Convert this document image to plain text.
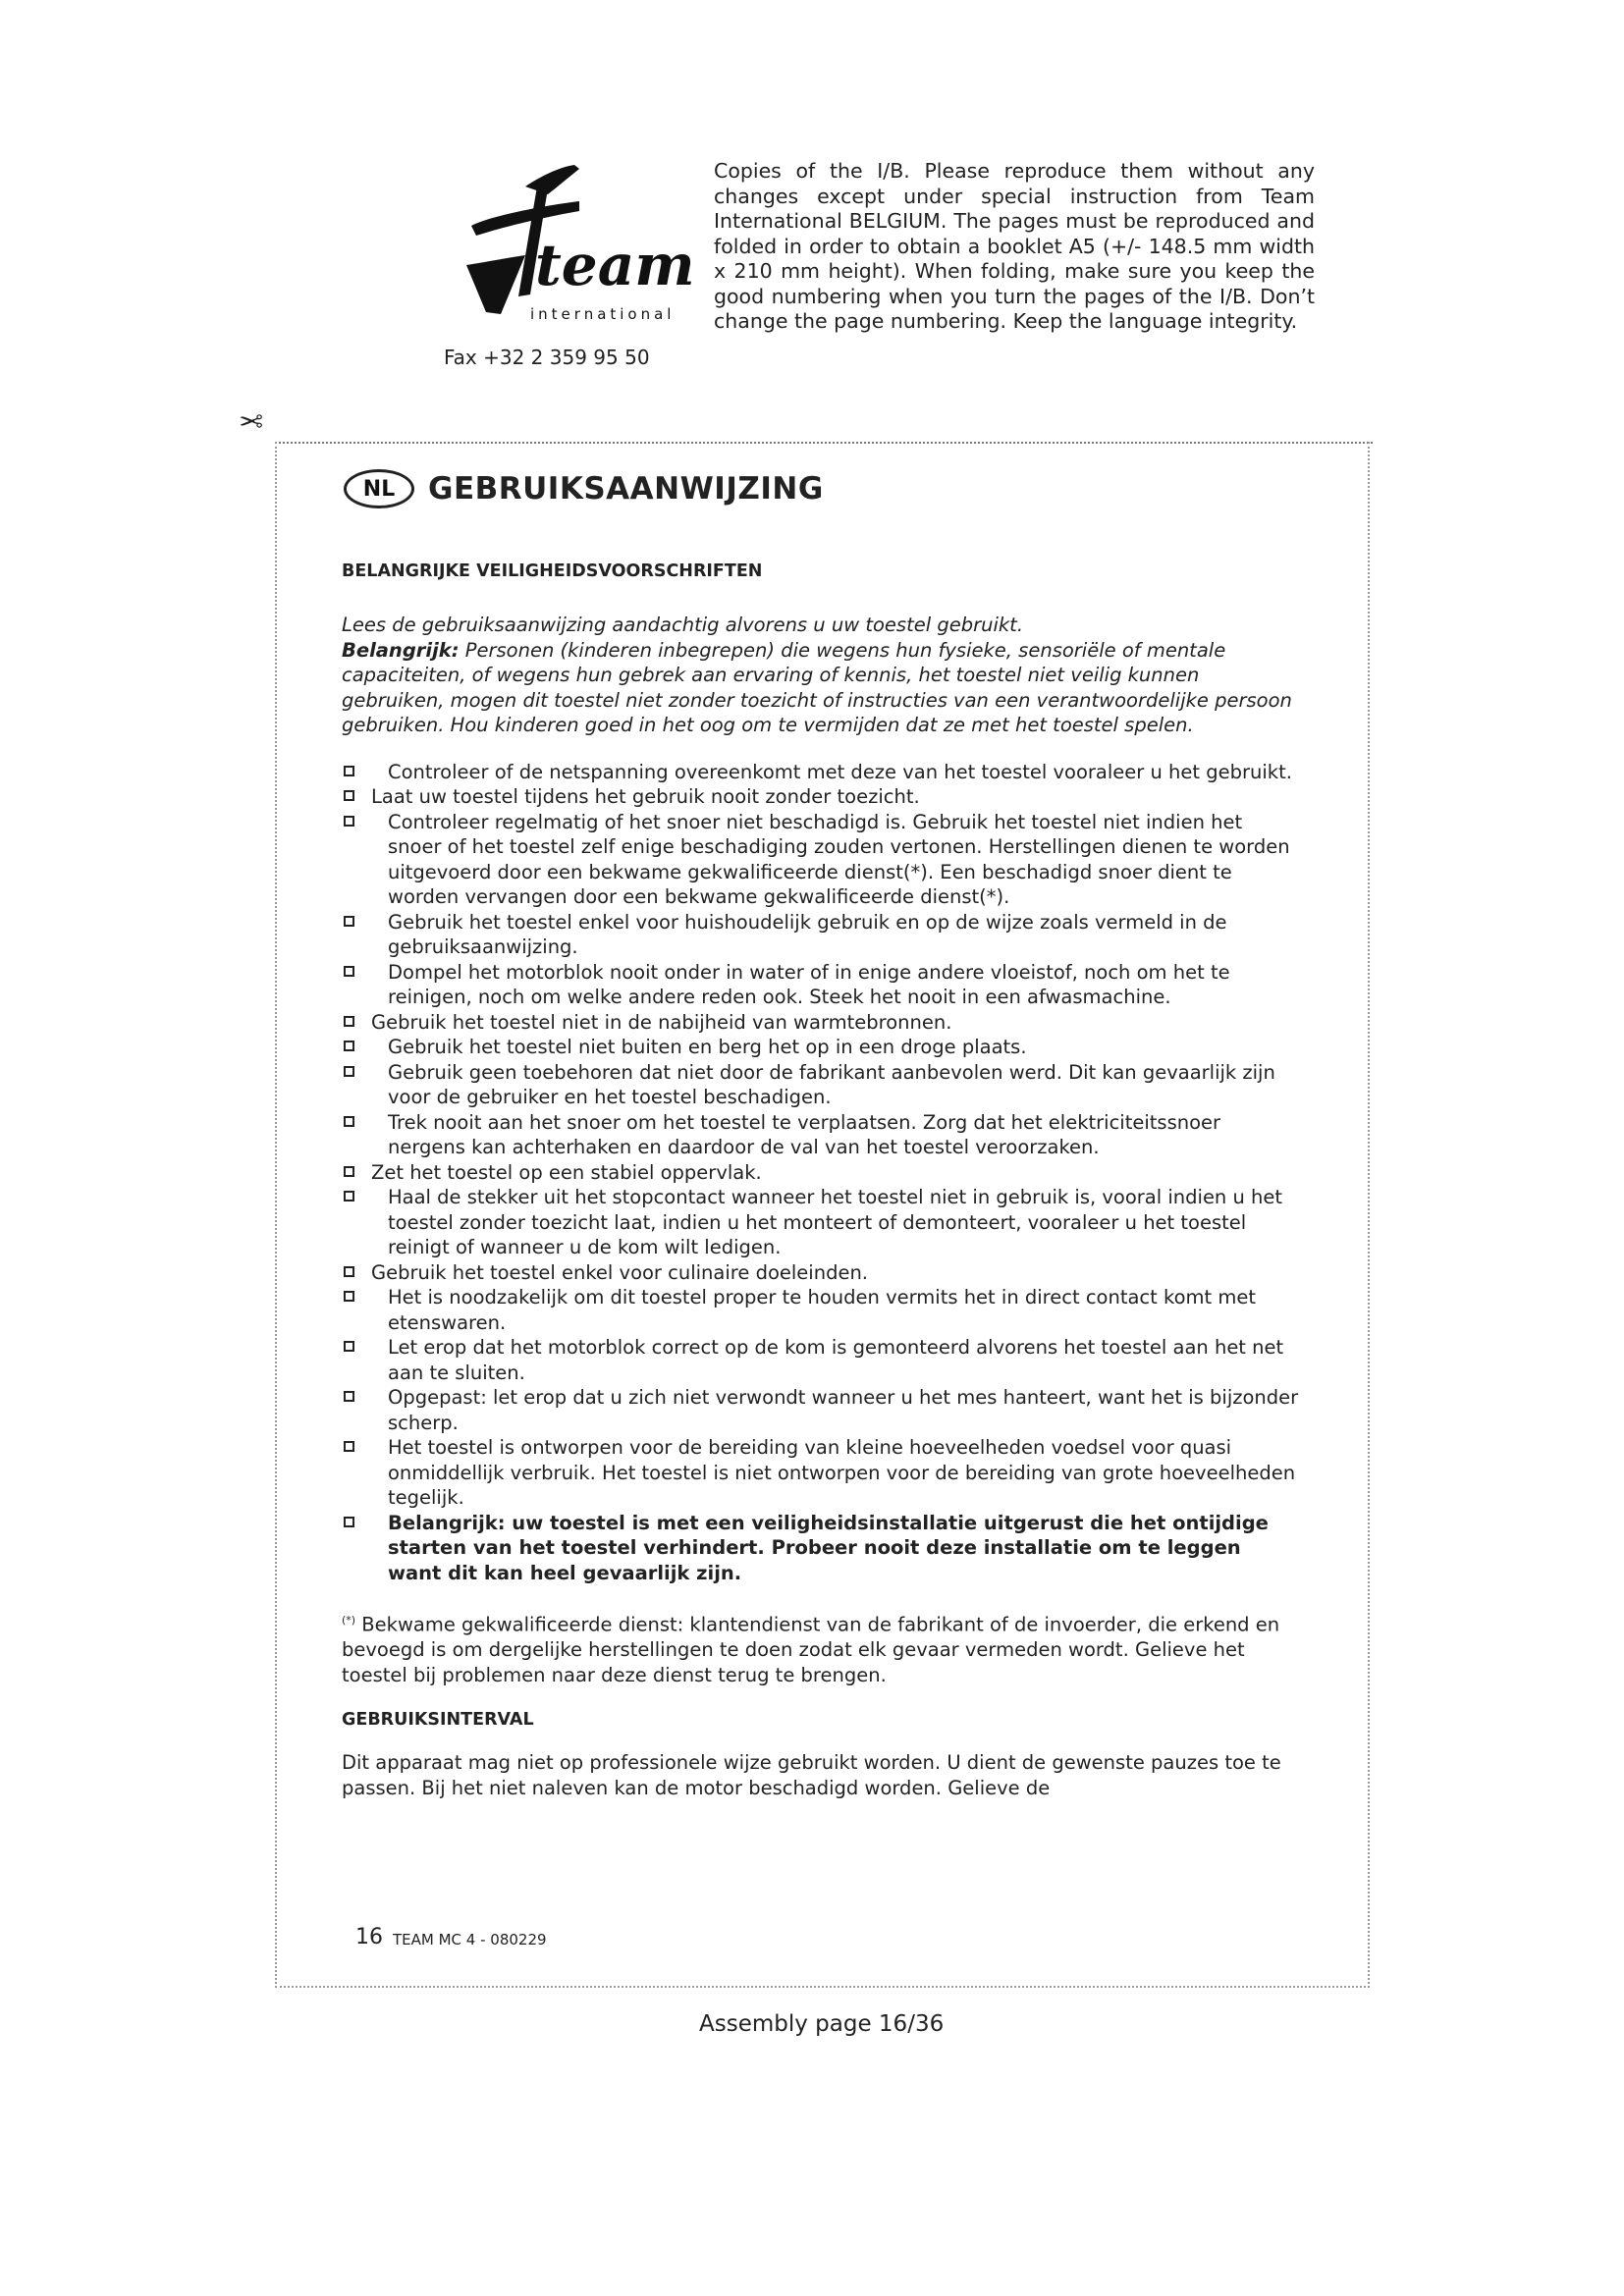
team
international
Fax +32 2 359 95 50
Copies of the I/B. Please reproduce them without any changes except under special instruction from Team International BELGIUM. The pages must be reproduced and folded in order to obtain a booklet A5 (+/- 148.5 mm width x 210 mm height). When folding, make sure you keep the good numbering when you turn the pages of the I/B. Don’t change the page numbering. Keep the language integrity.
✂
NL	GEBRUIKSAANWIJZING

BELANGRIJKE VEILIGHEIDSVOORSCHRIFTEN

Lees de gebruiksaanwijzing aandachtig alvorens u uw toestel gebruikt.
Belangrijk: Personen (kinderen inbegrepen) die wegens hun fysieke, sensoriële of mentale capaciteiten, of wegens hun gebrek aan ervaring of kennis, het toestel niet veilig kunnen gebruiken, mogen dit toestel niet zonder toezicht of instructies van een verantwoordelijke persoon gebruiken. Hou kinderen goed in het oog om te vermijden dat ze met het toestel spelen.
Controleer of de netspanning overeenkomt met deze van het toestel vooraleer u het gebruikt.
Laat uw toestel tijdens het gebruik nooit zonder toezicht.
Controleer regelmatig of het snoer niet beschadigd is. Gebruik het toestel niet indien het snoer of het toestel zelf enige beschadiging zouden vertonen. Herstellingen dienen te worden uitgevoerd door een bekwame gekwalificeerde dienst(*). Een beschadigd snoer dient te worden vervangen door een bekwame gekwalificeerde dienst(*).
Gebruik het toestel enkel voor huishoudelijk gebruik en op de wijze zoals vermeld in de gebruiksaanwijzing.
Dompel het motorblok nooit onder in water of in enige andere vloeistof, noch om het te reinigen, noch om welke andere reden ook. Steek het nooit in een afwasmachine.
Gebruik het toestel niet in de nabijheid van warmtebronnen.
Gebruik het toestel niet buiten en berg het op in een droge plaats.
Gebruik geen toebehoren dat niet door de fabrikant aanbevolen werd. Dit kan gevaarlijk zijn voor de gebruiker en het toestel beschadigen.
Trek nooit aan het snoer om het toestel te verplaatsen. Zorg dat het elektriciteitssnoer nergens kan achterhaken en daardoor de val van het toestel veroorzaken.
Zet het toestel op een stabiel oppervlak.
Haal de stekker uit het stopcontact wanneer het toestel niet in gebruik is, vooral indien u het toestel zonder toezicht laat, indien u het monteert of demonteert, vooraleer u het toestel reinigt of wanneer u de kom wilt ledigen.
Gebruik het toestel enkel voor culinaire doeleinden.
Het is noodzakelijk om dit toestel proper te houden vermits het in direct contact komt met etenswaren.
Let erop dat het motorblok correct op de kom is gemonteerd alvorens het toestel aan het net aan te sluiten.
Opgepast: let erop dat u zich niet verwondt wanneer u het mes hanteert, want het is bijzonder scherp.
Het toestel is ontworpen voor de bereiding van kleine hoeveelheden voedsel voor quasi onmiddellijk verbruik. Het toestel is niet ontworpen voor de bereiding van grote hoeveelheden tegelijk.
Belangrijk: uw toestel is met een veiligheidsinstallatie uitgerust die het ontijdige starten van het toestel verhindert. Probeer nooit deze installatie om te leggen want dit kan heel gevaarlijk zijn.
(*) Bekwame gekwalificeerde dienst: klantendienst van de fabrikant of de invoerder, die erkend en bevoegd is om dergelijke herstellingen te doen zodat elk gevaar vermeden wordt. Gelieve het toestel bij problemen naar deze dienst terug te brengen.

GEBRUIKSINTERVAL

Dit apparaat mag niet op professionele wijze gebruikt worden. U dient de gewenste pauzes toe te passen. Bij het niet naleven kan de motor beschadigd worden. Gelieve de
16 TEAM MC 4 - 080229
Assembly page 16/36
